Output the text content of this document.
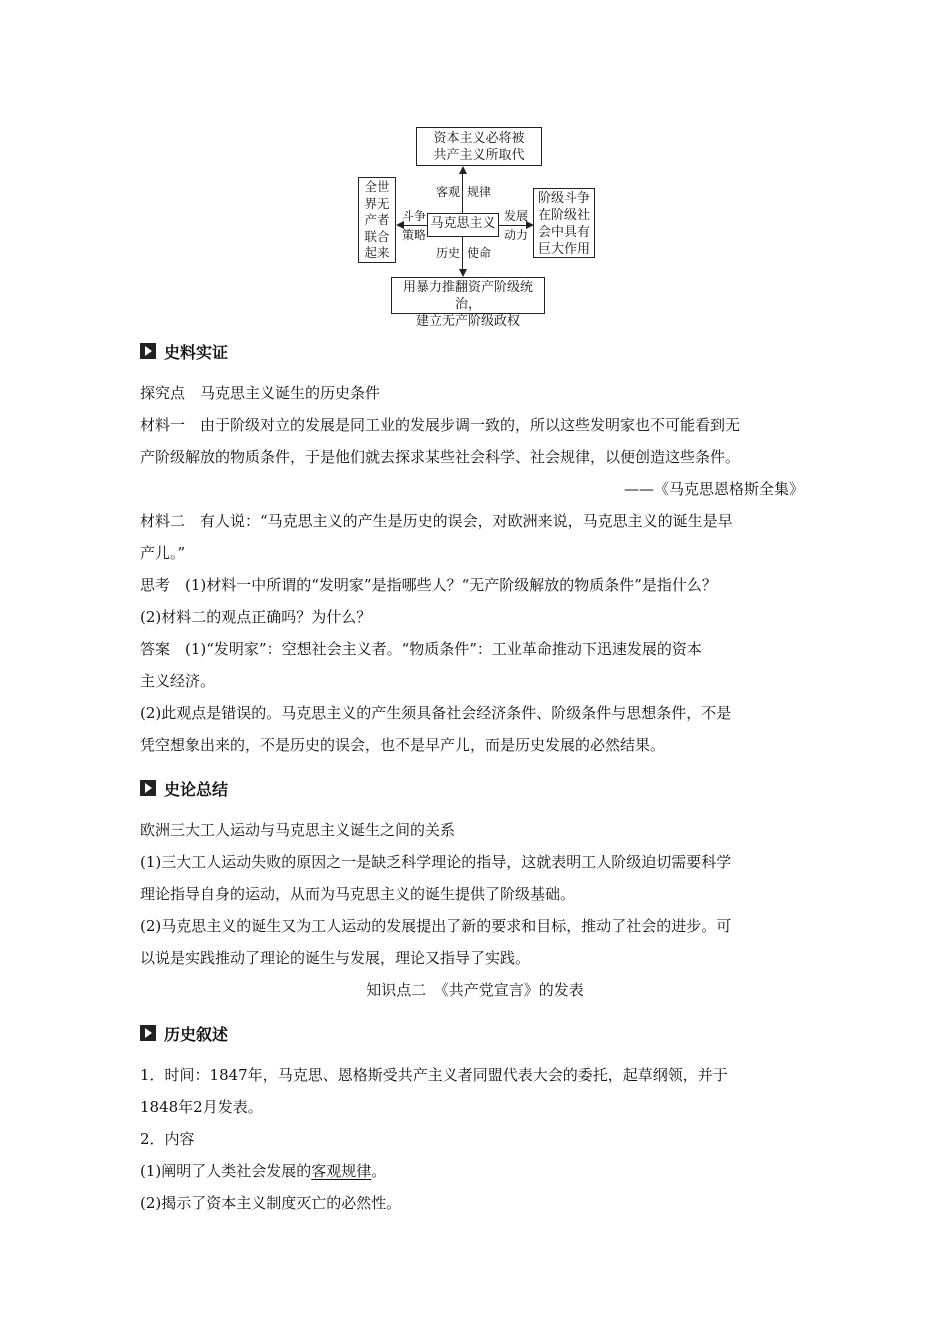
资本主义必将被
共产主义所取代
全世
界无
产者
联合
起来
马克思主义
阶级斗争
在阶级社
会中具有
巨大作用
用暴力推翻资产阶级统治，
建立无产阶级政权
客观 规律
斗争
策略
发展
动力
历史 使命
史料实证
探究点　马克思主义诞生的历史条件
材料一　由于阶级对立的发展是同工业的发展步调一致的，所以这些发明家也不可能看到无
产阶级解放的物质条件，于是他们就去探求某些社会科学、社会规律，以便创造这些条件。
——《马克思恩格斯全集》
材料二　有人说：“马克思主义的产生是历史的误会，对欧洲来说，马克思主义的诞生是早
产儿。”
思考　(1)材料一中所谓的“发明家”是指哪些人？“无产阶级解放的物质条件”是指什么？
(2)材料二的观点正确吗？为什么？
答案　(1)“发明家”：空想社会主义者。“物质条件”：工业革命推动下迅速发展的资本
主义经济。
(2)此观点是错误的。马克思主义的产生须具备社会经济条件、阶级条件与思想条件，不是
凭空想象出来的，不是历史的误会，也不是早产儿，而是历史发展的必然结果。
史论总结
欧洲三大工人运动与马克思主义诞生之间的关系
(1)三大工人运动失败的原因之一是缺乏科学理论的指导，这就表明工人阶级迫切需要科学
理论指导自身的运动，从而为马克思主义的诞生提供了阶级基础。
(2)马克思主义的诞生又为工人运动的发展提出了新的要求和目标，推动了社会的进步。可
以说是实践推动了理论的诞生与发展，理论又指导了实践。
知识点二　《共产党宣言》的发表
历史叙述
1．时间：1847年，马克思、恩格斯受共产主义者同盟代表大会的委托，起草纲领，并于
1848年2月发表。
2．内容
(1)阐明了人类社会发展的客观规律。
(2)揭示了资本主义制度灭亡的必然性。
